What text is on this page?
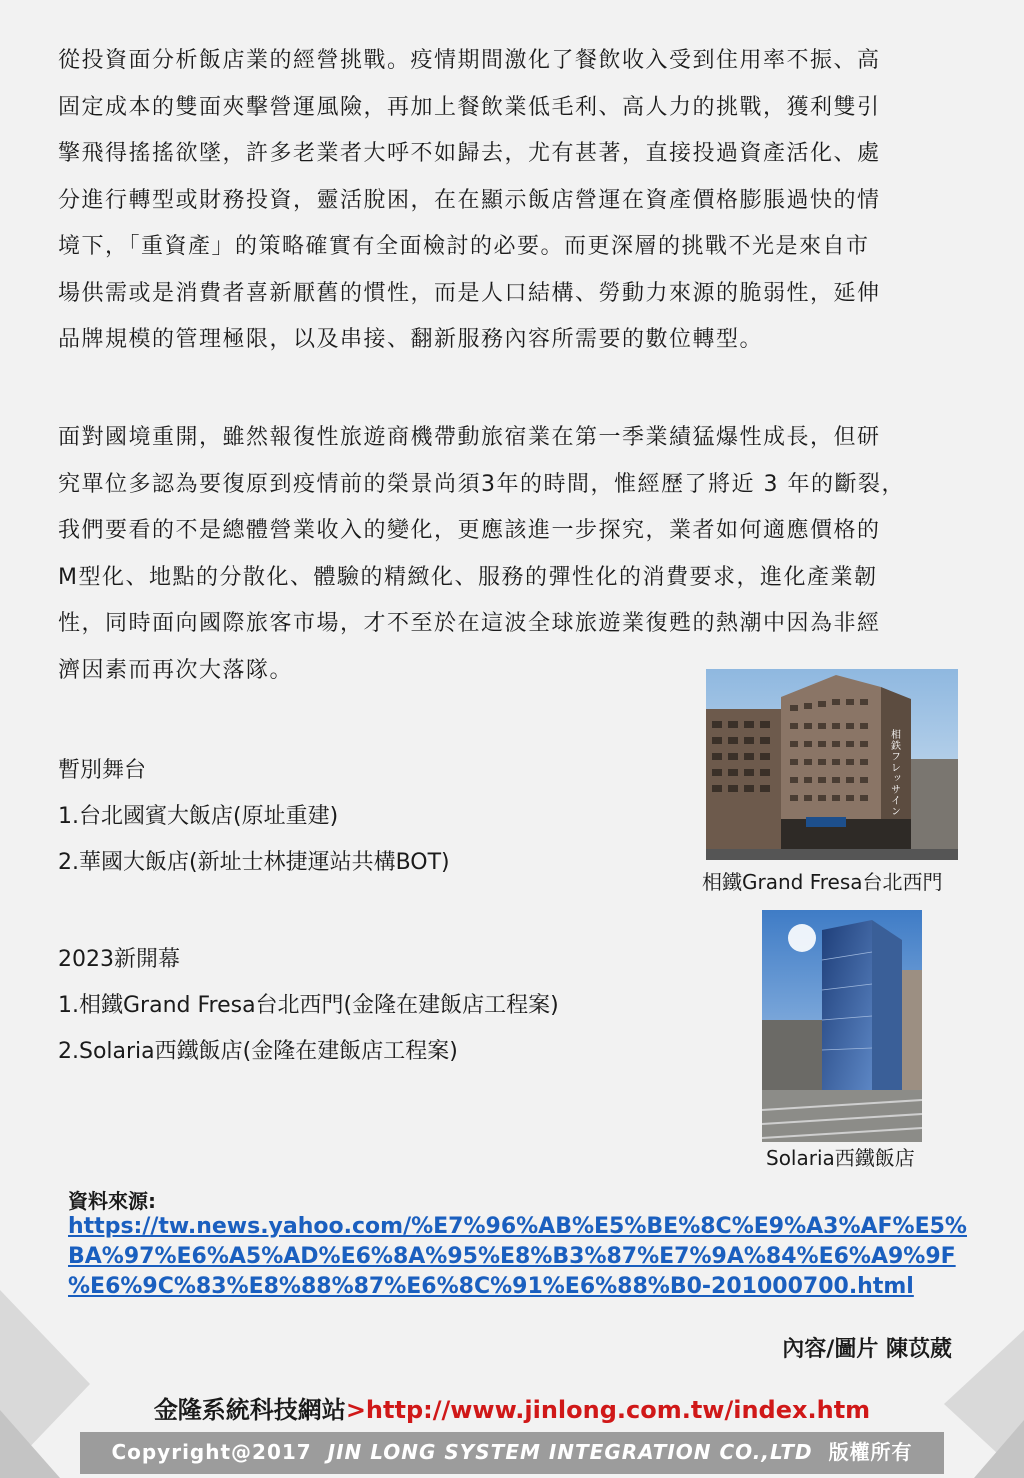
從投資面分析飯店業的經營挑戰。疫情期間激化了餐飲收入受到住用率不振、高
固定成本的雙面夾擊營運風險，再加上餐飲業低毛利、高人力的挑戰，獲利雙引
擎飛得搖搖欲墜，許多老業者大呼不如歸去，尤有甚著，直接投過資產活化、處
分進行轉型或財務投資，靈活脫困，在在顯示飯店營運在資產價格膨脹過快的情
境下，「重資產」的策略確實有全面檢討的必要。而更深層的挑戰不光是來自市
場供需或是消費者喜新厭舊的慣性，而是人口結構、勞動力來源的脆弱性，延伸
品牌規模的管理極限，以及串接、翻新服務內容所需要的數位轉型。
面對國境重開，雖然報復性旅遊商機帶動旅宿業在第一季業績猛爆性成長，但研
究單位多認為要復原到疫情前的榮景尚須3年的時間，惟經歷了將近 3 年的斷裂，
我們要看的不是總體營業收入的變化，更應該進一步探究，業者如何適應價格的
M型化、地點的分散化、體驗的精緻化、服務的彈性化的消費要求，進化產業韌
性，同時面向國際旅客市場，才不至於在這波全球旅遊業復甦的熱潮中因為非經
濟因素而再次大落隊。
暫別舞台
1.台北國賓大飯店(原址重建)
2.華國大飯店(新址士林捷運站共構BOT)
2023新開幕
1.相鐵Grand Fresa台北西門(金隆在建飯店工程案)
2.Solaria西鐵飯店(金隆在建飯店工程案)
相鉄フレッサイン
相鐵Grand Fresa台北西門
Solaria西鐵飯店
資料來源:
https://tw.news.yahoo.com/%E7%96%AB%E5%BE%8C%E9%A3%AF%E5%
BA%97%E6%A5%AD%E6%8A%95%E8%B3%87%E7%9A%84%E6%A9%9F
%E6%9C%83%E8%88%87%E6%8C%91%E6%88%B0-201000700.html
內容/圖片 陳苡葳
金隆系統科技網站>http://www.jinlong.com.tw/index.htm
Copyright@2017 JIN LONG SYSTEM INTEGRATION CO.,LTD 版權所有
